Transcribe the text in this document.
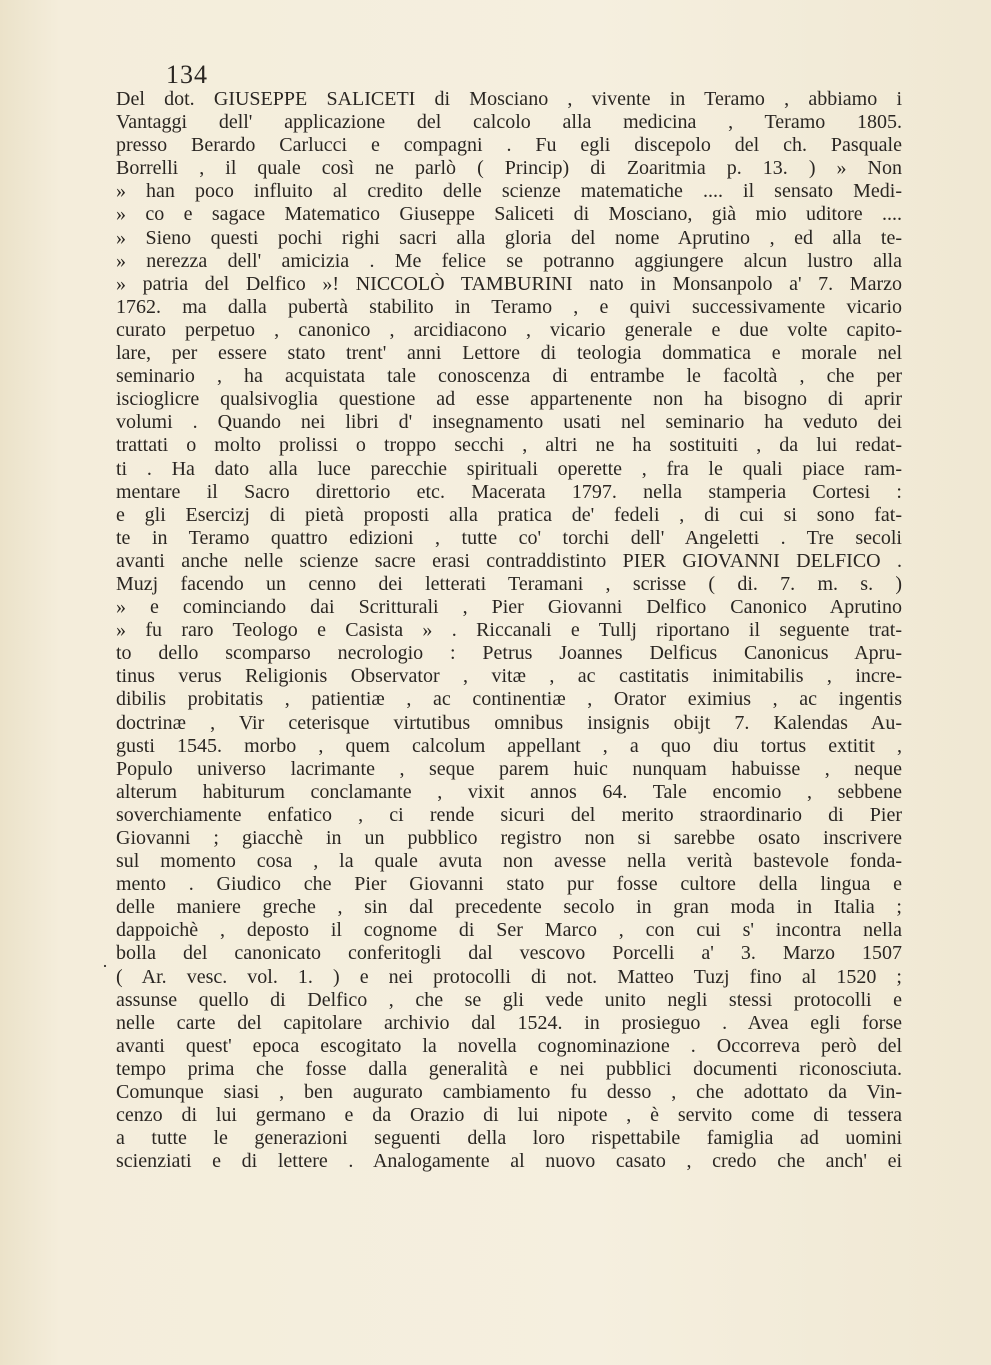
134
·
Del dot. GIUSEPPE SALICETI di Mosciano , vivente in Teramo , abbiamo i
Vantaggi dell' applicazione del calcolo alla medicina , Teramo 1805.
presso Berardo Carlucci e compagni . Fu egli discepolo del ch. Pasquale
Borrelli , il quale così ne parlò ( Princip) di Zoaritmia p. 13. ) » Non
» han poco influito al credito delle scienze matematiche .... il sensato Medi-
» co e sagace Matematico Giuseppe Saliceti di Mosciano, già mio uditore ....
» Sieno questi pochi righi sacri alla gloria del nome Aprutino , ed alla te-
» nerezza dell' amicizia . Me felice se potranno aggiungere alcun lustro alla
» patria del Delfico »! NICCOLÒ TAMBURINI nato in Monsanpolo a' 7. Marzo
1762. ma dalla pubertà stabilito in Teramo , e quivi successivamente vicario
curato perpetuo , canonico , arcidiacono , vicario generale e due volte capito-
lare, per essere stato trent' anni Lettore di teologia dommatica e morale nel
seminario , ha acquistata tale conoscenza di entrambe le facoltà , che per
iscioglicre qualsivoglia questione ad esse appartenente non ha bisogno di aprir
volumi . Quando nei libri d' insegnamento usati nel seminario ha veduto dei
trattati o molto prolissi o troppo secchi , altri ne ha sostituiti , da lui redat-
ti . Ha dato alla luce parecchie spirituali operette , fra le quali piace ram-
mentare il Sacro direttorio etc. Macerata 1797. nella stamperia Cortesi :
e gli Esercizj di pietà proposti alla pratica de' fedeli , di cui si sono fat-
te in Teramo quattro edizioni , tutte co' torchi dell' Angeletti . Tre secoli
avanti anche nelle scienze sacre erasi contraddistinto PIER GIOVANNI DELFICO .
Muzj facendo un cenno dei letterati Teramani , scrisse ( di. 7. m. s. )
» e cominciando dai Scritturali , Pier Giovanni Delfico Canonico Aprutino
» fu raro Teologo e Casista » . Riccanali e Tullj riportano il seguente trat-
to dello scomparso necrologio : Petrus Joannes Delficus Canonicus Apru-
tinus verus Religionis Observator , vitæ , ac castitatis inimitabilis , incre-
dibilis probitatis , patientiæ , ac continentiæ , Orator eximius , ac ingentis
doctrinæ , Vir ceterisque virtutibus omnibus insignis obijt 7. Kalendas Au-
gusti 1545. morbo , quem calcolum appellant , a quo diu tortus extitit ,
Populo universo lacrimante , seque parem huic nunquam habuisse , neque
alterum habiturum conclamante , vixit annos 64. Tale encomio , sebbene
soverchiamente enfatico , ci rende sicuri del merito straordinario di Pier
Giovanni ; giacchè in un pubblico registro non si sarebbe osato inscrivere
sul momento cosa , la quale avuta non avesse nella verità bastevole fonda-
mento . Giudico che Pier Giovanni stato pur fosse cultore della lingua e
delle maniere greche , sin dal precedente secolo in gran moda in Italia ;
dappoichè , deposto il cognome di Ser Marco , con cui s' incontra nella
bolla del canonicato conferitogli dal vescovo Porcelli a' 3. Marzo 1507
( Ar. vesc. vol. 1. ) e nei protocolli di not. Matteo Tuzj fino al 1520 ;
assunse quello di Delfico , che se gli vede unito negli stessi protocolli e
nelle carte del capitolare archivio dal 1524. in prosieguo . Avea egli forse
avanti quest' epoca escogitato la novella cognominazione . Occorreva però del
tempo prima che fosse dalla generalità e nei pubblici documenti riconosciuta.
Comunque siasi , ben augurato cambiamento fu desso , che adottato da Vin-
cenzo di lui germano e da Orazio di lui nipote , è servito come di tessera
a tutte le generazioni seguenti della loro rispettabile famiglia ad uomini
scienziati e di lettere . Analogamente al nuovo casato , credo che anch' ei
